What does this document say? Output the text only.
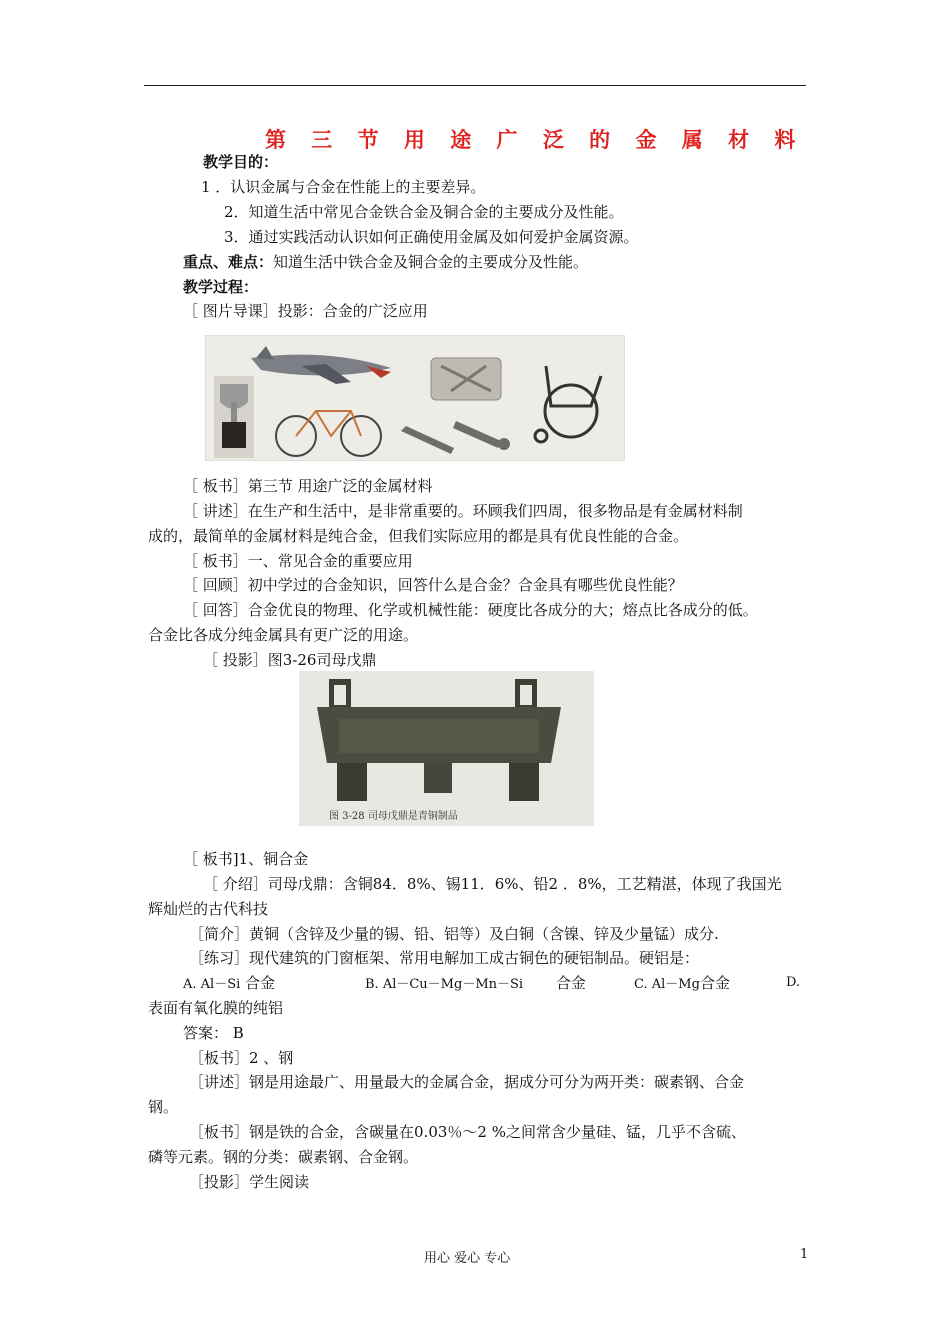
第 三 节 用 途 广 泛 的 金 属 材 料
教学目的：
1 ．认识金属与合金在性能上的主要差异。
2．知道生活中常见合金铁合金及铜合金的主要成分及性能。
3．通过实践活动认识如何正确使用金属及如何爱护金属资源。
重点、难点：知道生活中铁合金及铜合金的主要成分及性能。
教学过程：
［ 图片导课］投影：合金的广泛应用
［ 板书］第三节 用途广泛的金属材料
［ 讲述］在生产和生活中，是非常重要的。环顾我们四周，很多物品是有金属材料制
成的，最简单的金属材料是纯合金，但我们实际应用的都是具有优良性能的合金。
［ 板书］一、常见合金的重要应用
［ 回顾］初中学过的合金知识，回答什么是合金？合金具有哪些优良性能？
［ 回答］合金优良的物理、化学或机械性能：硬度比各成分的大；熔点比各成分的低。
合金比各成分纯金属具有更广泛的用途。
［ 投影］图3-26司母戊鼎
图 3-28 司母戊鼎是青铜制品
［ 板书]1、铜合金
［ 介绍］司母戊鼎：含铜84．8%、锡11．6%、铅2 ．8%，工艺精湛，体现了我国光
辉灿烂的古代科技
［简介］黄铜（含锌及少量的锡、铅、铝等）及白铜（含镍、锌及少量锰）成分.
［练习］现代建筑的门窗框架、常用电解加工成古铜色的硬铝制品。硬铝是：
A. Al－Si 合金	B. Al－Cu－Mg－Mn－Si 合金	C. Al－Mg合金	D.
表面有氧化膜的纯铝
答案： B
［板书］2 、钢
［讲述］钢是用途最广、用量最大的金属合金，据成分可分为两开类：碳素钢、合金
钢。
［板书］钢是铁的合金，含碳量在0.03％～2 %之间常含少量硅、锰，几乎不含硫、
磷等元素。钢的分类：碳素钢、合金钢。
［投影］学生阅读
用心 爱心 专心	1
